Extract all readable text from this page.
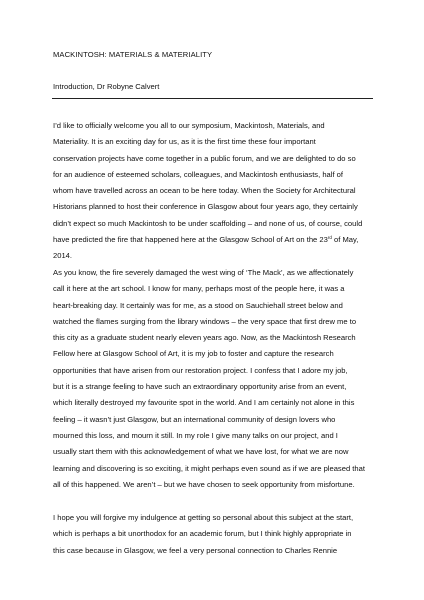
MACKINTOSH: MATERIALS & MATERIALITY
Introduction, Dr Robyne Calvert
I’d like to officially welcome you all to our symposium, Mackintosh, Materials, and
Materiality. It is an exciting day for us, as it is the first time these four important
conservation projects have come together in a public forum, and we are delighted to do so
for an audience of esteemed scholars, colleagues, and Mackintosh enthusiasts, half of
whom have travelled across an ocean to be here today. When the Society for Architectural
Historians planned to host their conference in Glasgow about four years ago, they certainly
didn’t expect so much Mackintosh to be under scaffolding – and none of us, of course, could
have predicted the fire that happened here at the Glasgow School of Art on the 23rd of May,
2014.
As you know, the fire severely damaged the west wing of ‘The Mack’, as we affectionately
call it here at the art school. I know for many, perhaps most of the people here, it was a
heart-breaking day. It certainly was for me, as a stood on Sauchiehall street below and
watched the flames surging from the library windows – the very space that first drew me to
this city as a graduate student nearly eleven years ago. Now, as the Mackintosh Research
Fellow here at Glasgow School of Art, it is my job to foster and capture the research
opportunities that have arisen from our restoration project. I confess that I adore my job,
but it is a strange feeling to have such an extraordinary opportunity arise from an event,
which literally destroyed my favourite spot in the world. And I am certainly not alone in this
feeling – it wasn’t just Glasgow, but an international community of design lovers who
mourned this loss, and mourn it still. In my role I give many talks on our project, and I
usually start them with this acknowledgement of what we have lost, for what we are now
learning and discovering is so exciting, it might perhaps even sound as if we are pleased that
all of this happened. We aren’t – but we have chosen to seek opportunity from misfortune.
I hope you will forgive my indulgence at getting so personal about this subject at the start,
which is perhaps a bit unorthodox for an academic forum, but I think highly appropriate in
this case because in Glasgow, we feel a very personal connection to Charles Rennie
